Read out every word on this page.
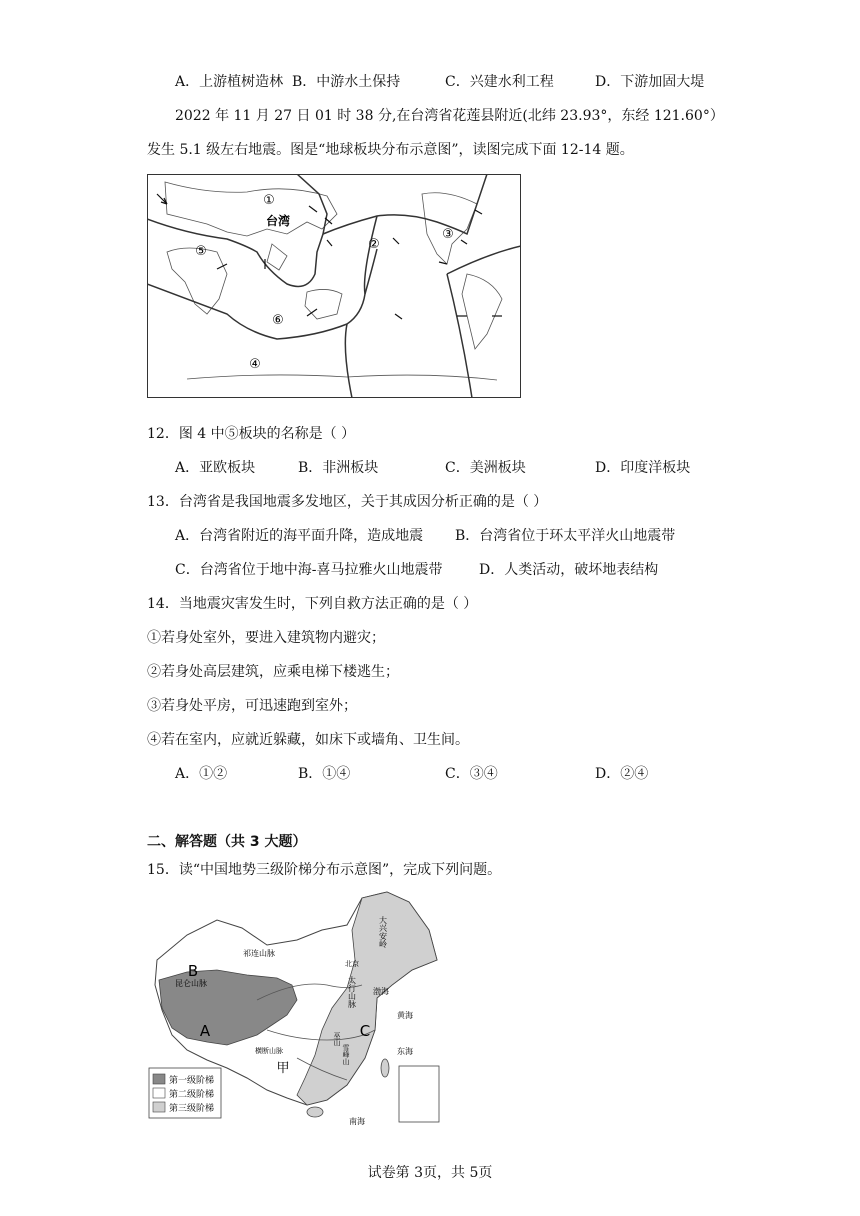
A．上游植树造林 B．中游水土保持	C．兴建水利工程	D．下游加固大堤
2022 年 11 月 27 日 01 时 38 分,在台湾省花莲县附近(北纬 23.93°，东经 121.60°）
发生 5.1 级左右地震。图是“地球板块分布示意图”，读图完成下面 12-14 题。
①
②
③
④
⑤
⑥
台湾
12．图 4 中⑤板块的名称是（ ）
A．亚欧板块	B．非洲板块	C．美洲板块	D．印度洋板块
13．台湾省是我国地震多发地区，关于其成因分析正确的是（ ）
A．台湾省附近的海平面升降，造成地震 B．台湾省位于环太平洋火山地震带
C．台湾省位于地中海-喜马拉雅火山地震带	D．人类活动，破坏地表结构
14．当地震灾害发生时，下列自救方法正确的是（ ）
①若身处室外，要进入建筑物内避灾；
②若身处高层建筑，应乘电梯下楼逃生；
③若身处平房，可迅速跑到室外；
④若在室内，应就近躲藏，如床下或墙角、卫生间。
A．①②	B．①④	C．③④	D．②④
二、解答题（共 3 大题）
15．读“中国地势三级阶梯分布示意图”，完成下列问题。
第一级阶梯
第二级阶梯
第三级阶梯
A
B
C
甲
大兴安岭
昆仑山脉
祁连山脉
北京
太行山脉 渤海
黄海
巫山
雪峰山	东海
横断山脉
南海
试卷第 3页，共 5页
